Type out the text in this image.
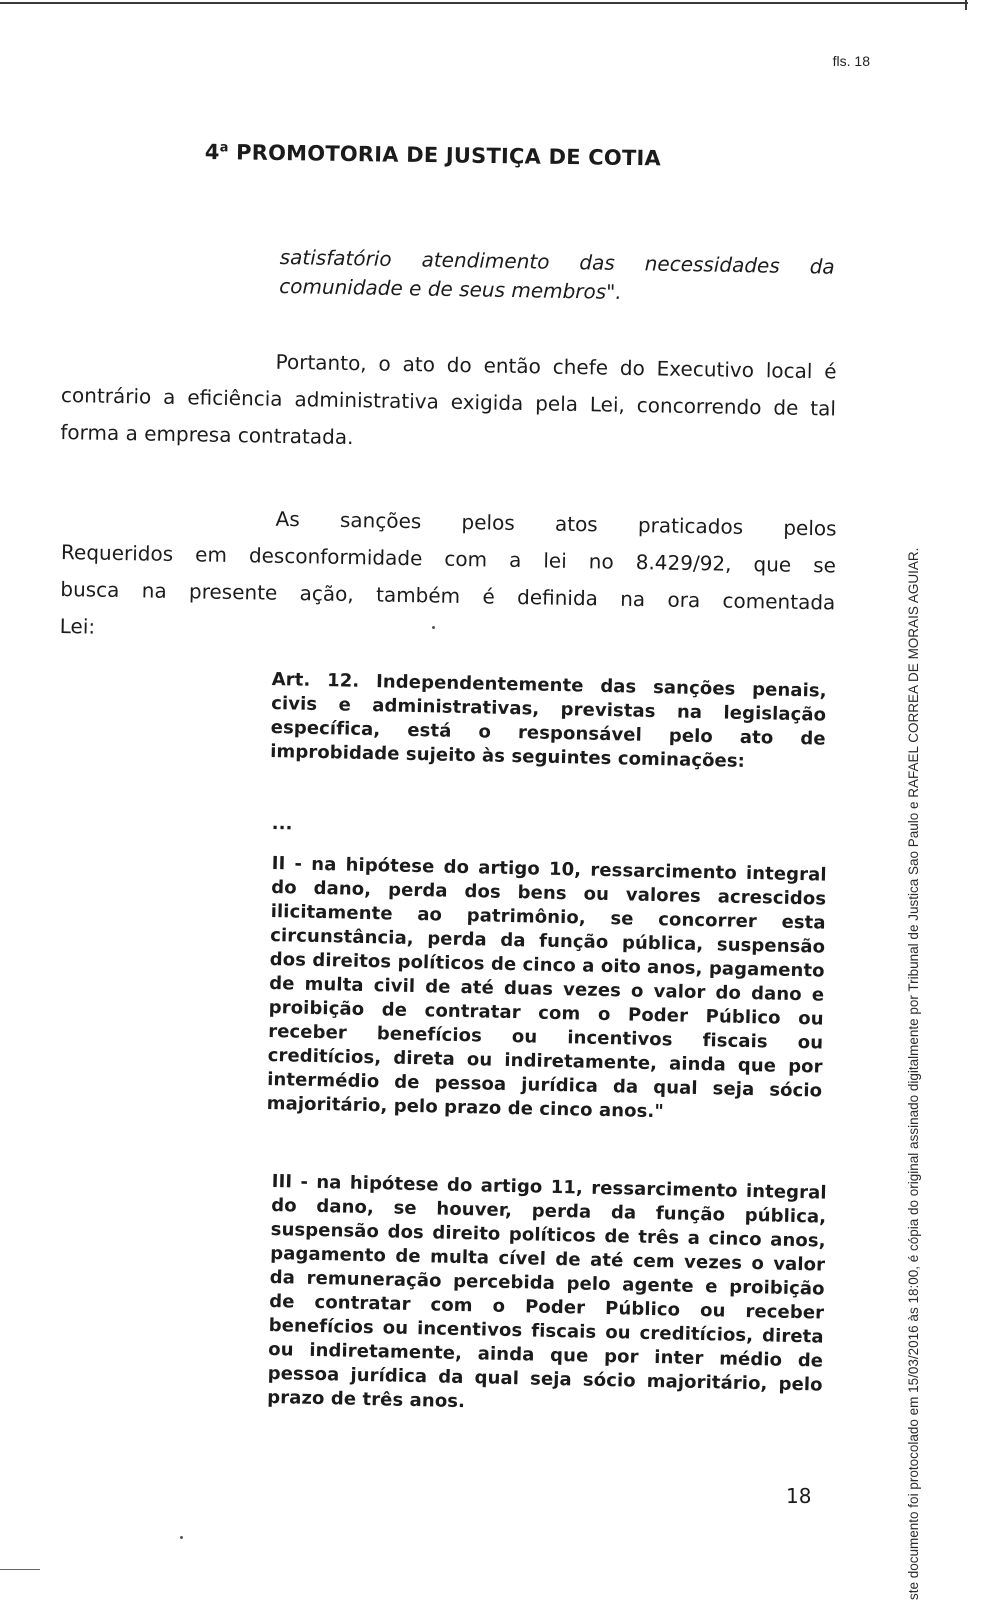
fls. 18
4$^a$ PROMOTORIA DE JUSTIÇA DE COTIA
satisfatório atendimento das necessidades da comunidade e de seus membros".
Portanto, o ato do então chefe do Executivo local é contrário a eficiência administrativa exigida pela Lei, concorrendo de tal forma a empresa contratada.
As sanções pelos atos praticados pelos Requeridos em desconformidade com a lei no 8.429/92, que se busca na presente ação, também é definida na ora comentada Lei:
Art. 12. Independentemente das sanções penais, civis e administrativas, previstas na legislação específica, está o responsável pelo ato de improbidade sujeito às seguintes cominações:
...
II - na hipótese do artigo 10, ressarcimento integral do dano, perda dos bens ou valores acrescidos ilicitamente ao patrimônio, se concorrer esta circunstância, perda da função pública, suspensão dos direitos políticos de cinco a oito anos, pagamento de multa civil de até duas vezes o valor do dano e proibição de contratar com o Poder Público ou receber benefícios ou incentivos fiscais ou creditícios, direta ou indiretamente, ainda que por intermédio de pessoa jurídica da qual seja sócio majoritário, pelo prazo de cinco anos."
III - na hipótese do artigo 11, ressarcimento integral do dano, se houver, perda da função pública, suspensão dos direito políticos de três a cinco anos, pagamento de multa cível de até cem vezes o valor da remuneração percebida pelo agente e proibição de contratar com o Poder Público ou receber benefícios ou incentivos fiscais ou creditícios, direta ou indiretamente, ainda que por inter médio de pessoa jurídica da qual seja sócio majoritário, pelo prazo de três anos.
18	ste documento foi protocolado em 15/03/2016 às 18:00, é cópia do original assinado digitalmente por Tribunal de Justica Sao Paulo e RAFAEL CORREA DE MORAIS AGUIAR.
